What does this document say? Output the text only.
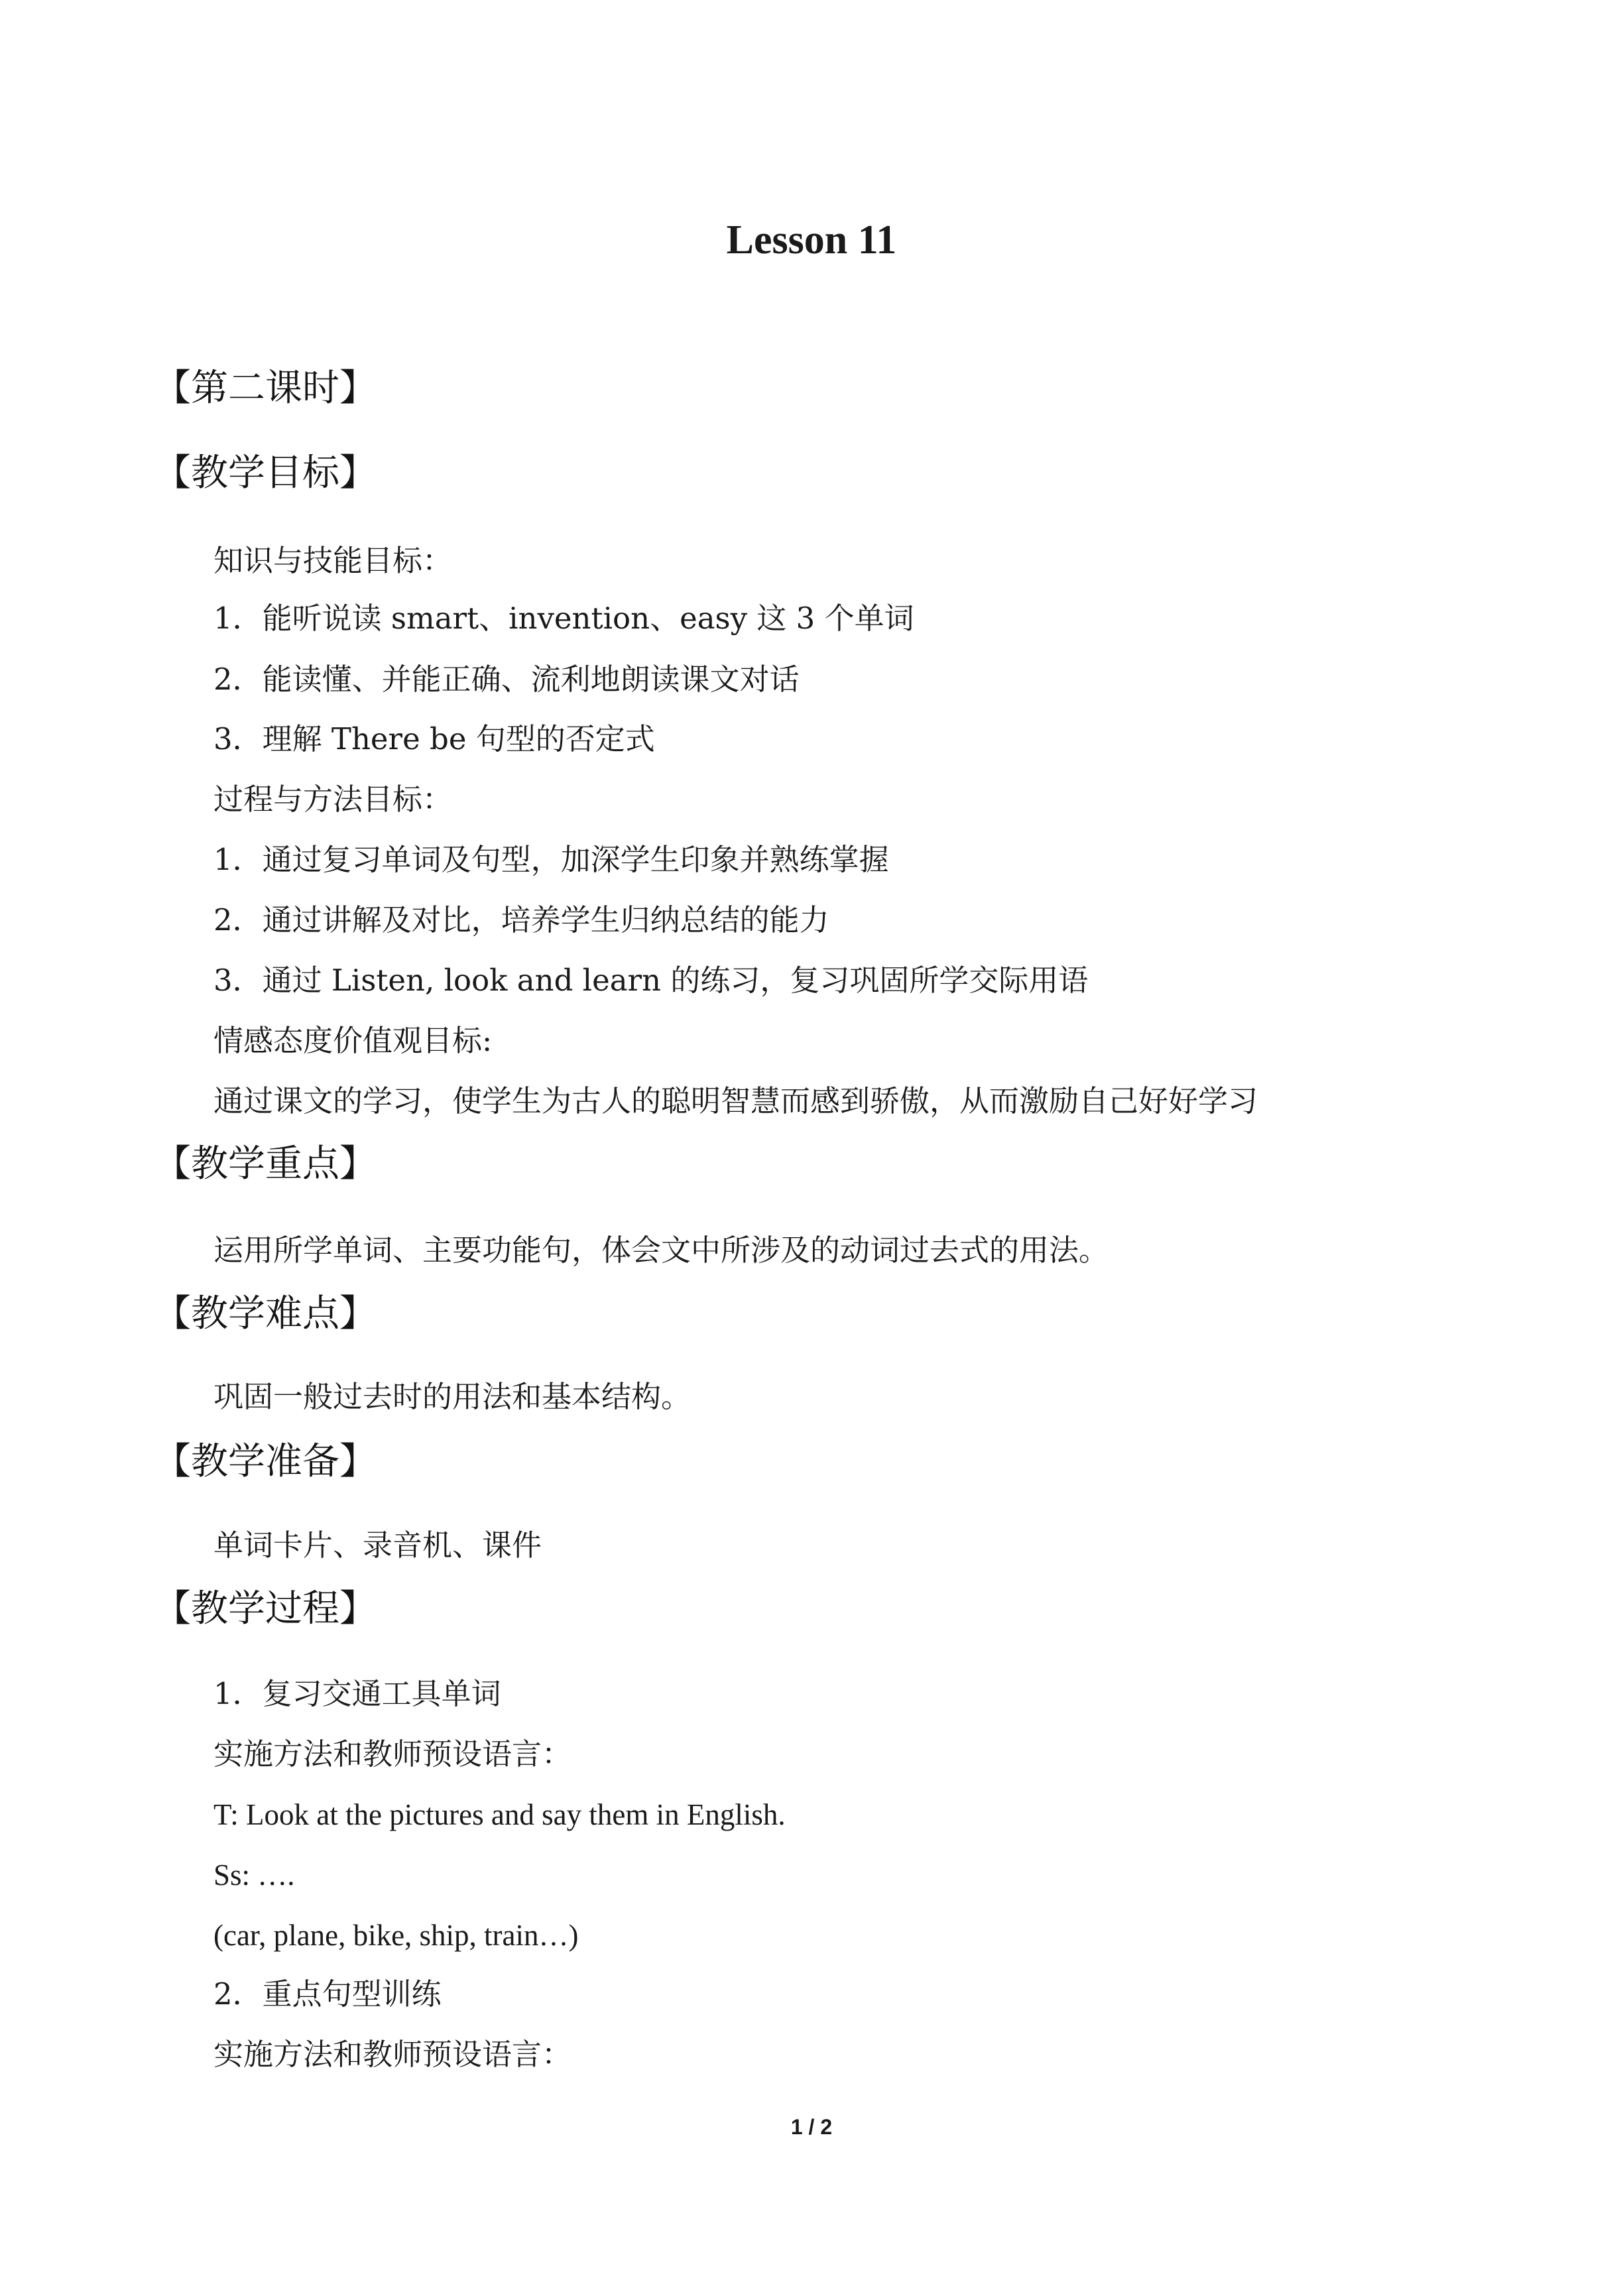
Lesson 11
【第二课时】
【教学目标】
知识与技能目标：
1．能听说读 smart、invention、easy 这 3 个单词
2．能读懂、并能正确、流利地朗读课文对话
3．理解 There be 句型的否定式
过程与方法目标：
1．通过复习单词及句型，加深学生印象并熟练掌握
2．通过讲解及对比，培养学生归纳总结的能力
3．通过 Listen, look and learn 的练习，复习巩固所学交际用语
情感态度价值观目标:
通过课文的学习，使学生为古人的聪明智慧而感到骄傲，从而激励自己好好学习
【教学重点】
运用所学单词、主要功能句，体会文中所涉及的动词过去式的用法。
【教学难点】
巩固一般过去时的用法和基本结构。
【教学准备】
单词卡片、录音机、课件
【教学过程】
1．复习交通工具单词
实施方法和教师预设语言：
T: Look at the pictures and say them in English.
Ss: ….
(car, plane, bike, ship, train…)
2．重点句型训练
实施方法和教师预设语言：
1 / 2
